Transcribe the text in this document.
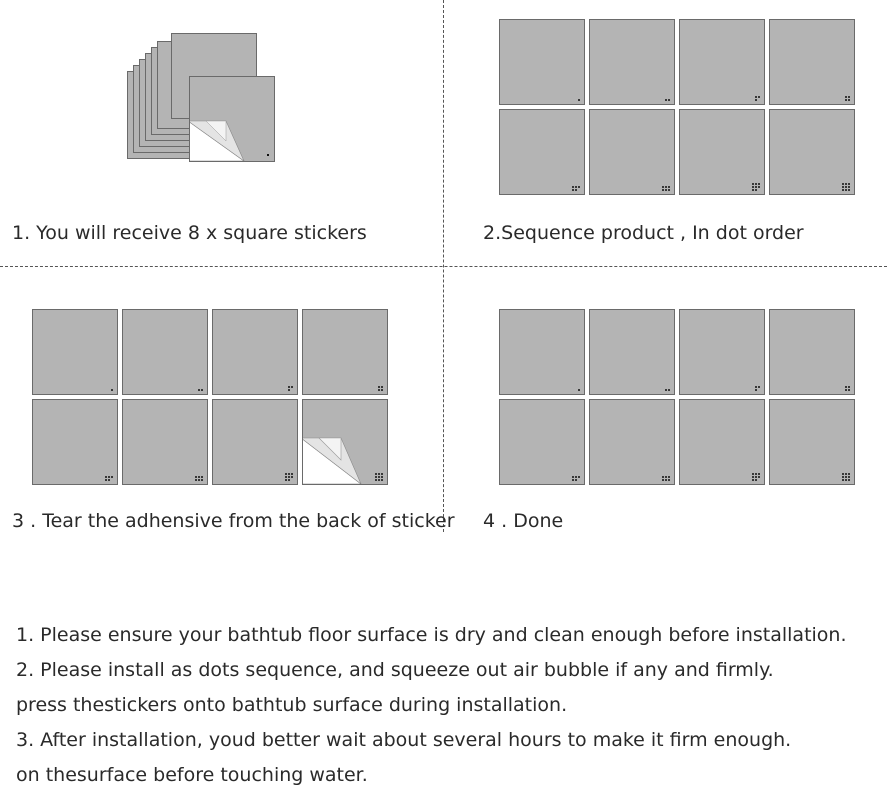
1. You will receive 8 x square stickers	2.Sequence product , In dot order
3 . Tear the adhensive from the back of sticker 4 . Done
1. Please ensure your bathtub floor surface is dry and clean enough before installation.
2. Please install as dots sequence, and squeeze out air bubble if any and firmly.
press thestickers onto bathtub surface during installation.
3. After installation, youd better wait about several hours to make it firm enough.
on thesurface before touching water.
